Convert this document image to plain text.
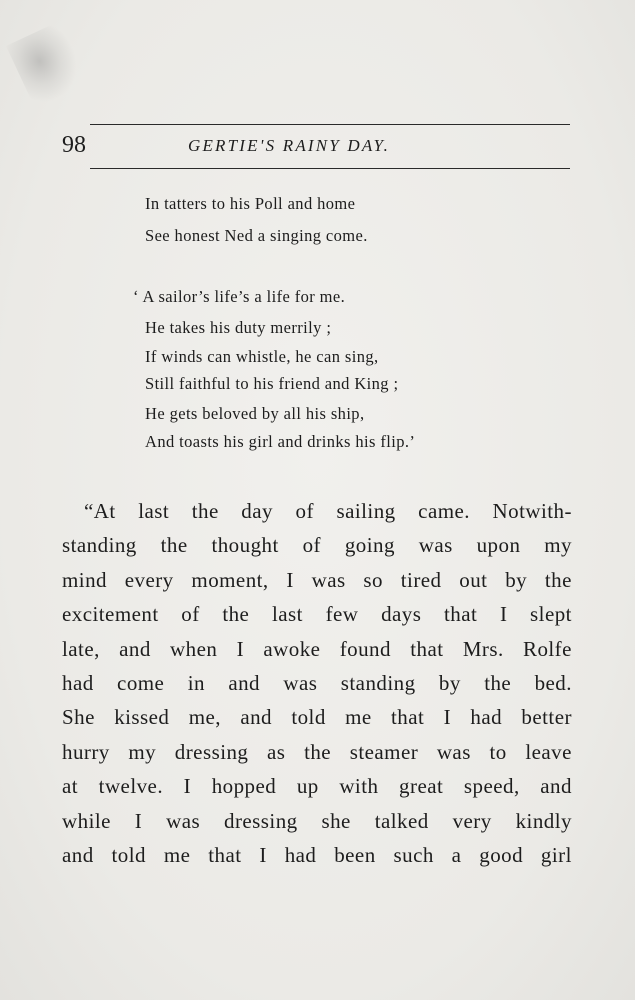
98	GERTIE'S RAINY DAY.
In tatters to his Poll and home
See honest Ned a singing come.
‘ A sailor’s life’s a life for me.
He takes his duty merrily ;
If winds can whistle, he can sing,
Still faithful to his friend and King ;
He gets beloved by all his ship,
And toasts his girl and drinks his flip.’
“At last the day of sailing came. Notwith-
standing the thought of going was upon my
mind every moment, I was so tired out by the
excitement of the last few days that I slept
late, and when I awoke found that Mrs. Rolfe
had come in and was standing by the bed.
She kissed me, and told me that I had better
hurry my dressing as the steamer was to leave
at twelve. I hopped up with great speed, and
while I was dressing she talked very kindly
and told me that I had been such a good girl
